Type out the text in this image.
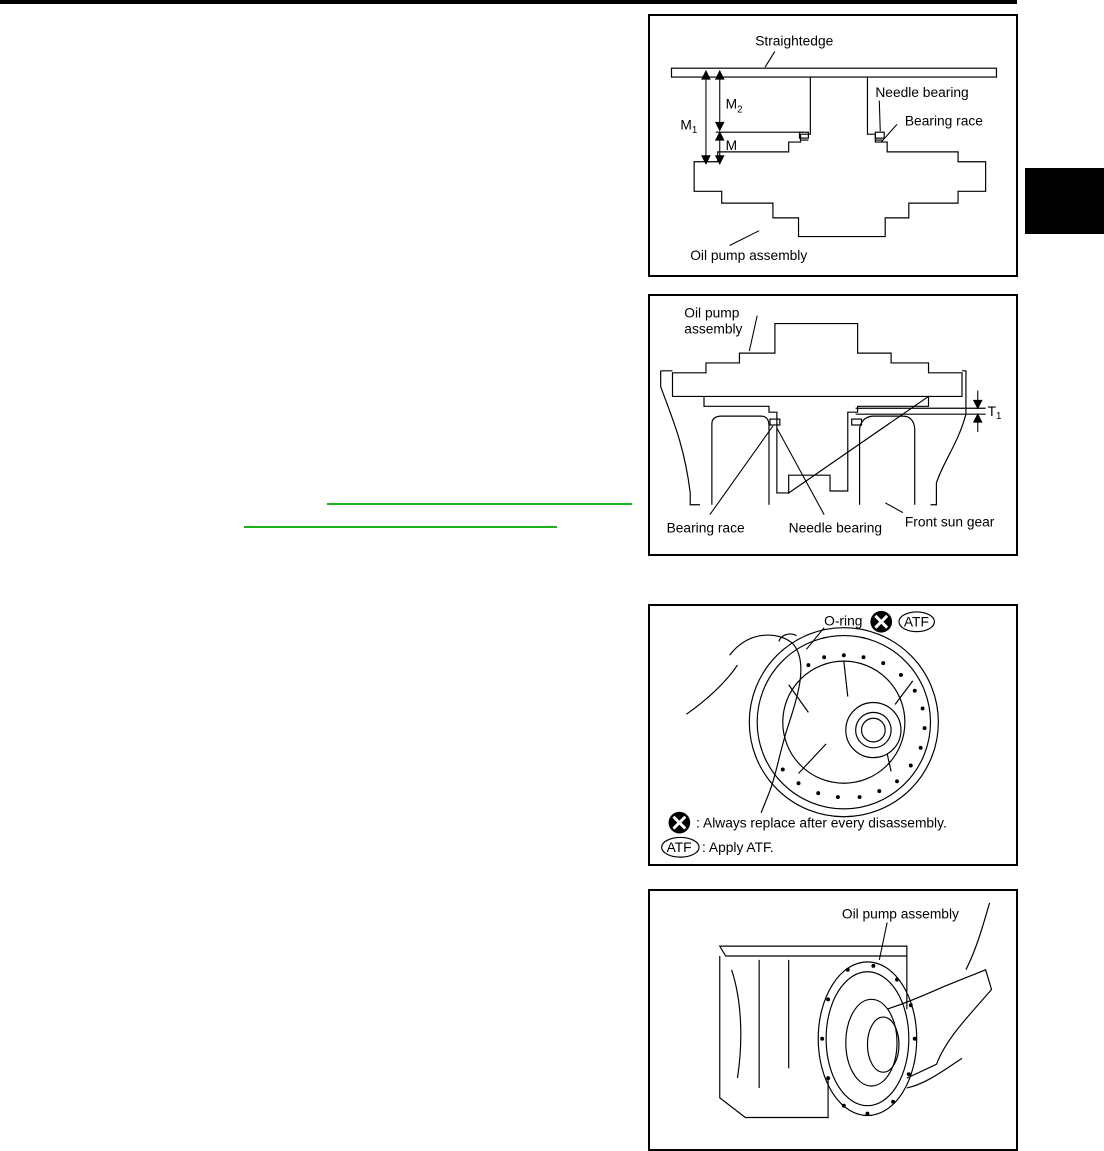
Straightedge
Needle bearing
Bearing race
Oil pump assembly
$M_1$
$M_2$
M
Oil pump
assembly
$T_1$
Bearing race	Needle bearing Front sun gear
O-ring	ATF
: Always replace after every disassembly.
ATF : Apply ATF.
Oil pump assembly
